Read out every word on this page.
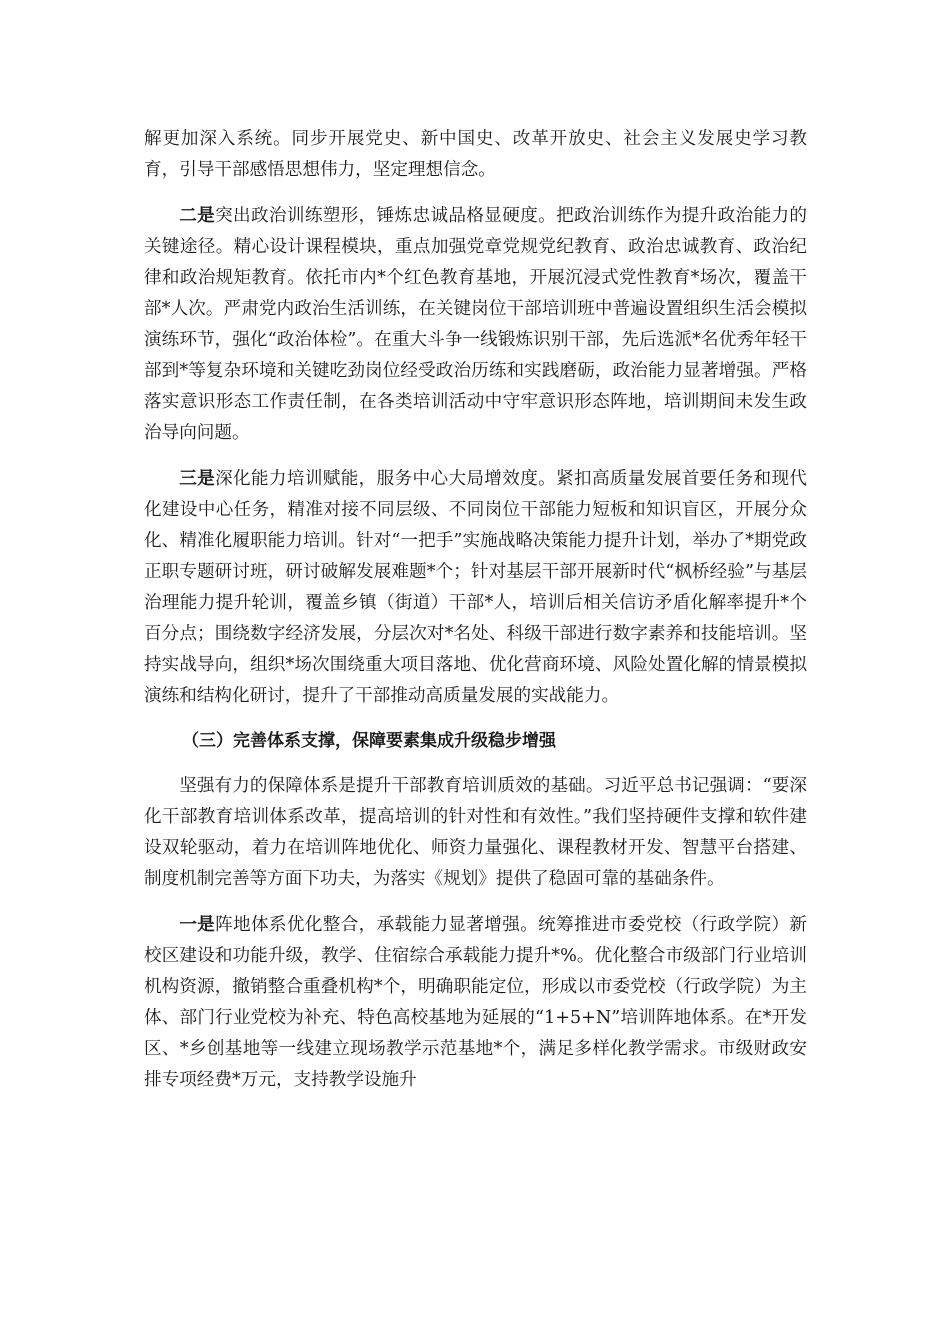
解更加深入系统。同步开展党史、新中国史、改革开放史、社会主义发展史学习教育，引导干部感悟思想伟力，坚定理想信念。

二是突出政治训练塑形，锤炼忠诚品格显硬度。把政治训练作为提升政治能力的关键途径。精心设计课程模块，重点加强党章党规党纪教育、政治忠诚教育、政治纪律和政治规矩教育。依托市内*个红色教育基地，开展沉浸式党性教育*场次，覆盖干部*人次。严肃党内政治生活训练，在关键岗位干部培训班中普遍设置组织生活会模拟演练环节，强化“政治体检”。在重大斗争一线锻炼识别干部，先后选派*名优秀年轻干部到*等复杂环境和关键吃劲岗位经受政治历练和实践磨砺，政治能力显著增强。严格落实意识形态工作责任制，在各类培训活动中守牢意识形态阵地，培训期间未发生政治导向问题。

三是深化能力培训赋能，服务中心大局增效度。紧扣高质量发展首要任务和现代化建设中心任务，精准对接不同层级、不同岗位干部能力短板和知识盲区，开展分众化、精准化履职能力培训。针对“一把手”实施战略决策能力提升计划，举办了*期党政正职专题研讨班，研讨破解发展难题*个；针对基层干部开展新时代“枫桥经验”与基层治理能力提升轮训，覆盖乡镇（街道）干部*人，培训后相关信访矛盾化解率提升*个百分点；围绕数字经济发展，分层次对*名处、科级干部进行数字素养和技能培训。坚持实战导向，组织*场次围绕重大项目落地、优化营商环境、风险处置化解的情景模拟演练和结构化研讨，提升了干部推动高质量发展的实战能力。

（三）完善体系支撑，保障要素集成升级稳步增强

坚强有力的保障体系是提升干部教育培训质效的基础。习近平总书记强调：“要深化干部教育培训体系改革，提高培训的针对性和有效性。”我们坚持硬件支撑和软件建设双轮驱动，着力在培训阵地优化、师资力量强化、课程教材开发、智慧平台搭建、制度机制完善等方面下功夫，为落实《规划》提供了稳固可靠的基础条件。

一是阵地体系优化整合，承载能力显著增强。统筹推进市委党校（行政学院）新校区建设和功能升级，教学、住宿综合承载能力提升*%。优化整合市级部门行业培训机构资源，撤销整合重叠机构*个，明确职能定位，形成以市委党校（行政学院）为主体、部门行业党校为补充、特色高校基地为延展的“1+5+N”培训阵地体系。在*开发区、*乡创基地等一线建立现场教学示范基地*个，满足多样化教学需求。市级财政安排专项经费*万元，支持教学设施升
